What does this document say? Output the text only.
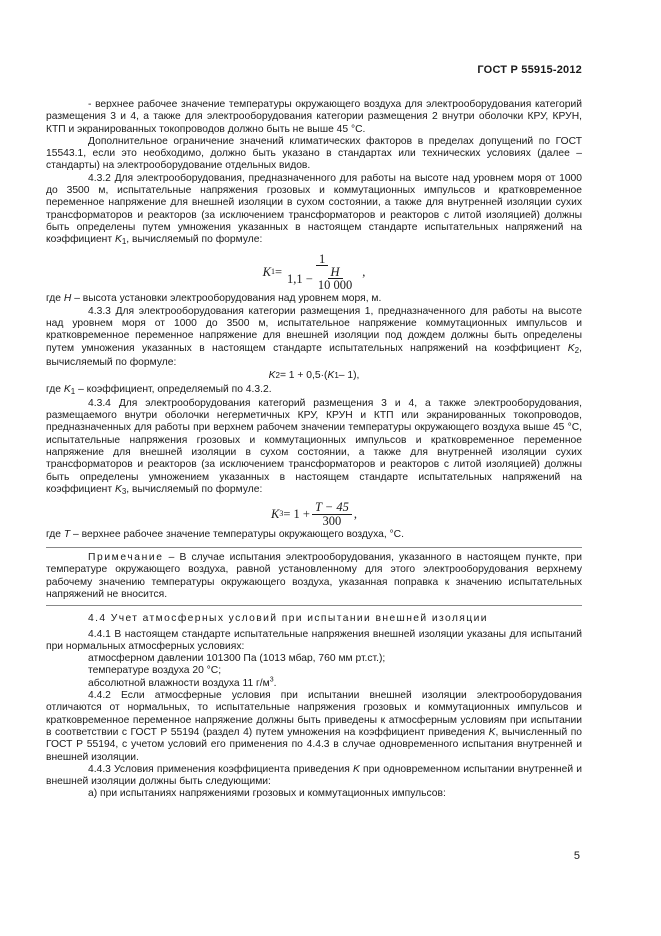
ГОСТ Р 55915-2012

- верхнее рабочее значение температуры окружающего воздуха для электрооборудования категорий размещения 3 и 4, а также для электрооборудования категории размещения 2 внутри оболочки КРУ, КРУН, КТП и экранированных токопроводов должно быть не выше 45 °С.

Дополнительное ограничение значений климатических факторов в пределах допущений по ГОСТ 15543.1, если это необходимо, должно быть указано в стандартах или технических условиях (далее – стандарты) на электрооборудование отдельных видов.

4.3.2 Для электрооборудования, предназначенного для работы на высоте над уровнем моря от 1000 до 3500 м, испытательные напряжения грозовых и коммутационных импульсов и кратковременное переменное напряжение для внешней изоляции в сухом состоянии, а также для внутренней изоляции сухих трансформаторов и реакторов (за исключением трансформаторов и реакторов с литой изоляцией) должны быть определены путем умножения указанных в настоящем стандарте испытательных напряжений на коэффициент K1, вычисляемый по формуле:

K $1 = \frac{1}{1,1 - \frac{H}{10 000}}$ ,

где H – высота установки электрооборудования над уровнем моря, м.

4.3.3 Для электрооборудования категории размещения 1, предназначенного для работы на высоте над уровнем моря от 1000 до 3500 м, испытательное напряжение коммутационных импульсов и кратковременное переменное напряжение для внешней изоляции под дождем должны быть определены путем умножения указанных в настоящем стандарте испытательных напряжений на коэффициент K2, вычисляемый по формуле:

K 2 = 1 + 0,5·( K 1 – 1),

где K1 – коэффициент, определяемый по 4.3.2.

4.3.4 Для электрооборудования категорий размещения 3 и 4, а также электрооборудования, размещаемого внутри оболочки негерметичных КРУ, КРУН и КТП или экранированных токопроводов, предназначенных для работы при верхнем рабочем значении температуры окружающего воздуха выше 45 °С, испытательные напряжения грозовых и коммутационных импульсов и кратковременное переменное напряжение для внешней изоляции в сухом состоянии, а также для внутренней изоляции сухих трансформаторов и реакторов (за исключением трансформаторов и реакторов с литой изоляцией) должны быть определены умножением указанных в настоящем стандарте испытательных напряжений на коэффициент K3, вычисляемый по формуле:

K $3 = 1 + \frac{T - 45}{300}$ ,

где T – верхнее рабочее значение температуры окружающего воздуха, °С.

Примечание – В случае испытания электрооборудования, указанного в настоящем пункте, при температуре окружающего воздуха, равной установленному для этого электрооборудования верхнему рабочему значению температуры окружающего воздуха, указанная поправка к значению испытательных напряжений не вносится.

4.4 Учет атмосферных условий при испытании внешней изоляции

4.4.1 В настоящем стандарте испытательные напряжения внешней изоляции указаны для испытаний при нормальных атмосферных условиях:

атмосферном давлении 101300 Па (1013 мбар, 760 мм рт.ст.);

температуре воздуха 20 °С;

абсолютной влажности воздуха 11 $г/м^3$.

4.4.2 Если атмосферные условия при испытании внешней изоляции электрооборудования отличаются от нормальных, то испытательные напряжения грозовых и коммутационных импульсов и кратковременное переменное напряжение должны быть приведены к атмосферным условиям при испытании в соответствии с ГОСТ Р 55194 (раздел 4) путем умножения на коэффициент приведения K, вычисленный по ГОСТ Р 55194, с учетом условий его применения по 4.4.3 в случае одновременного испытания внутренней и внешней изоляции.

4.4.3 Условия применения коэффициента приведения K при одновременном испытании внутренней и внешней изоляции должны быть следующими:

а) при испытаниях напряжениями грозовых и коммутационных импульсов:

5
